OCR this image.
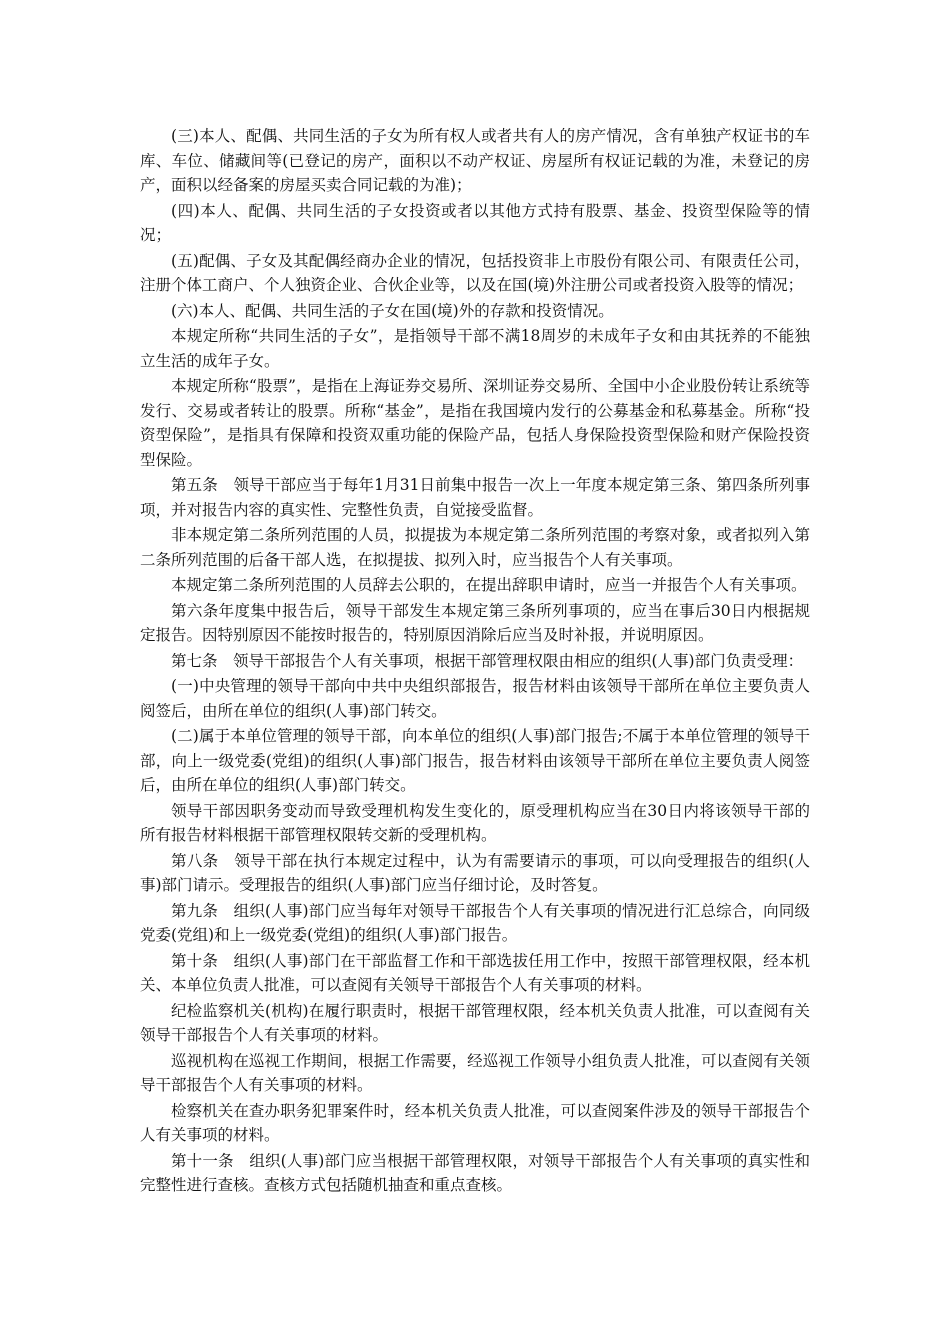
(三)本人、配偶、共同生活的子女为所有权人或者共有人的房产情况，含有单独产权证书的车库、车位、储藏间等(已登记的房产，面积以不动产权证、房屋所有权证记载的为准，未登记的房产，面积以经备案的房屋买卖合同记载的为准)；

(四)本人、配偶、共同生活的子女投资或者以其他方式持有股票、基金、投资型保险等的情况；

(五)配偶、子女及其配偶经商办企业的情况，包括投资非上市股份有限公司、有限责任公司，注册个体工商户、个人独资企业、合伙企业等，以及在国(境)外注册公司或者投资入股等的情况；

(六)本人、配偶、共同生活的子女在国(境)外的存款和投资情况。

本规定所称“共同生活的子女”，是指领导干部不满18周岁的未成年子女和由其抚养的不能独立生活的成年子女。

本规定所称“股票”，是指在上海证券交易所、深圳证券交易所、全国中小企业股份转让系统等发行、交易或者转让的股票。所称“基金”，是指在我国境内发行的公募基金和私募基金。所称“投资型保险”，是指具有保障和投资双重功能的保险产品，包括人身保险投资型保险和财产保险投资型保险。

第五条　领导干部应当于每年1月31日前集中报告一次上一年度本规定第三条、第四条所列事项，并对报告内容的真实性、完整性负责，自觉接受监督。

非本规定第二条所列范围的人员，拟提拔为本规定第二条所列范围的考察对象，或者拟列入第二条所列范围的后备干部人选，在拟提拔、拟列入时，应当报告个人有关事项。

本规定第二条所列范围的人员辞去公职的，在提出辞职申请时，应当一并报告个人有关事项。

第六条年度集中报告后，领导干部发生本规定第三条所列事项的，应当在事后30日内根据规定报告。因特别原因不能按时报告的，特别原因消除后应当及时补报，并说明原因。

第七条　领导干部报告个人有关事项，根据干部管理权限由相应的组织(人事)部门负责受理：

(一)中央管理的领导干部向中共中央组织部报告，报告材料由该领导干部所在单位主要负责人阅签后，由所在单位的组织(人事)部门转交。

(二)属于本单位管理的领导干部，向本单位的组织(人事)部门报告;不属于本单位管理的领导干部，向上一级党委(党组)的组织(人事)部门报告，报告材料由该领导干部所在单位主要负责人阅签后，由所在单位的组织(人事)部门转交。

领导干部因职务变动而导致受理机构发生变化的，原受理机构应当在30日内将该领导干部的所有报告材料根据干部管理权限转交新的受理机构。

第八条　领导干部在执行本规定过程中，认为有需要请示的事项，可以向受理报告的组织(人事)部门请示。受理报告的组织(人事)部门应当仔细讨论，及时答复。

第九条　组织(人事)部门应当每年对领导干部报告个人有关事项的情况进行汇总综合，向同级党委(党组)和上一级党委(党组)的组织(人事)部门报告。

第十条　组织(人事)部门在干部监督工作和干部选拔任用工作中，按照干部管理权限，经本机关、本单位负责人批准，可以查阅有关领导干部报告个人有关事项的材料。

纪检监察机关(机构)在履行职责时，根据干部管理权限，经本机关负责人批准，可以查阅有关领导干部报告个人有关事项的材料。

巡视机构在巡视工作期间，根据工作需要，经巡视工作领导小组负责人批准，可以查阅有关领导干部报告个人有关事项的材料。

检察机关在查办职务犯罪案件时，经本机关负责人批准，可以查阅案件涉及的领导干部报告个人有关事项的材料。

第十一条　组织(人事)部门应当根据干部管理权限，对领导干部报告个人有关事项的真实性和完整性进行查核。查核方式包括随机抽查和重点查核。
